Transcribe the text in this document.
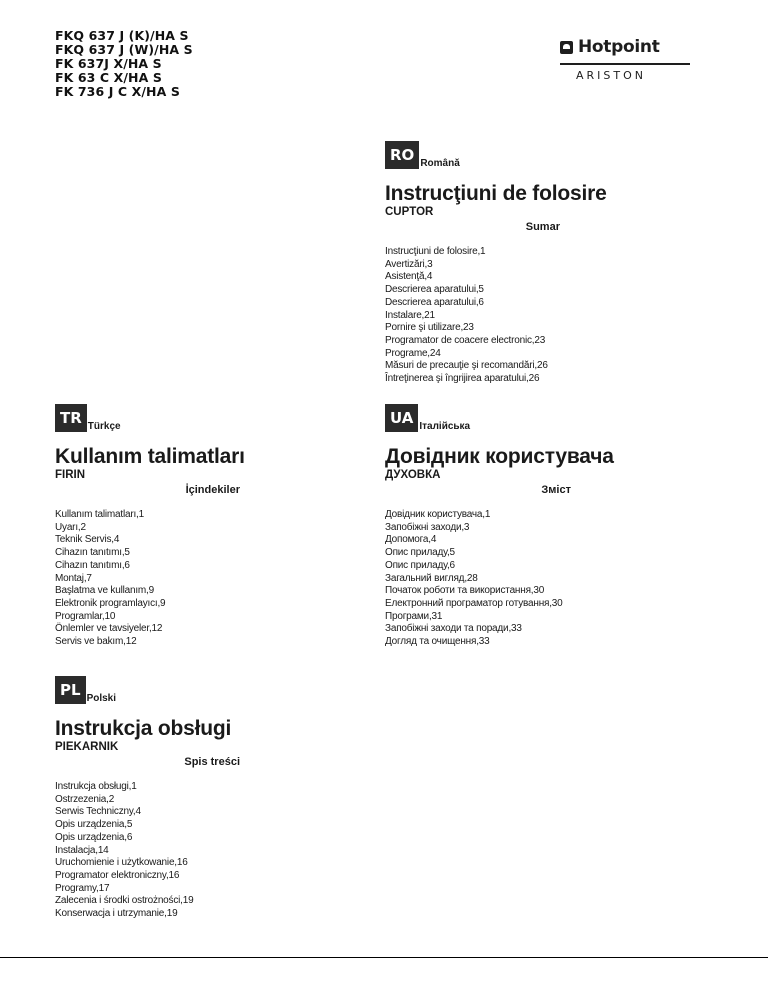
FKQ 637 J (K)/HA S
FKQ 637 J (W)/HA S
FK 637J X/HA S
FK 63 C X/HA S
FK 736 J C X/HA S
Hotpoint
ARISTON
RO Română
Instrucţiuni de folosire
CUPTOR
Sumar
Instrucţiuni de folosire,1
Avertizări,3
Asistenţă,4
Descrierea aparatului,5
Descrierea aparatului,6
Instalare,21
Pornire şi utilizare,23
Programator de coacere electronic,23
Programe,24
Măsuri de precauţie şi recomandări,26
Întreţinerea şi îngrijirea aparatului,26
TR Türkçe
Kullanım talimatları
FIRIN
İçindekiler
Kullanım talimatları,1
Uyarı,2
Teknik Servis,4
Cihazın tanıtımı,5
Cihazın tanıtımı,6
Montaj,7
Başlatma ve kullanım,9
Elektronik programlayıcı,9
Programlar,10
Önlemler ve tavsiyeler,12
Servis ve bakım,12
UA Італiйська
Довідник користувача
ДУХОВКА
Зміст
Довідник користувача,1
Запобіжні заходи,3
Допомога,4
Опис приладу,5
Опис приладу,6
Загальний вигляд,28
Початок роботи та використання,30
Електронний програматор готування,30
Програми,31
Запобіжні заходи та поради,33
Догляд та очищення,33
PL Polski
Instrukcja obsługi
PIEKARNIK
Spis treści
Instrukcja obsługi,1
Ostrzezenia,2
Serwis Techniczny,4
Opis urządzenia,5
Opis urządzenia,6
Instalacja,14
Uruchomienie i użytkowanie,16
Programator elektroniczny,16
Programy,17
Zalecenia i środki ostrożności,19
Konserwacja i utrzymanie,19
